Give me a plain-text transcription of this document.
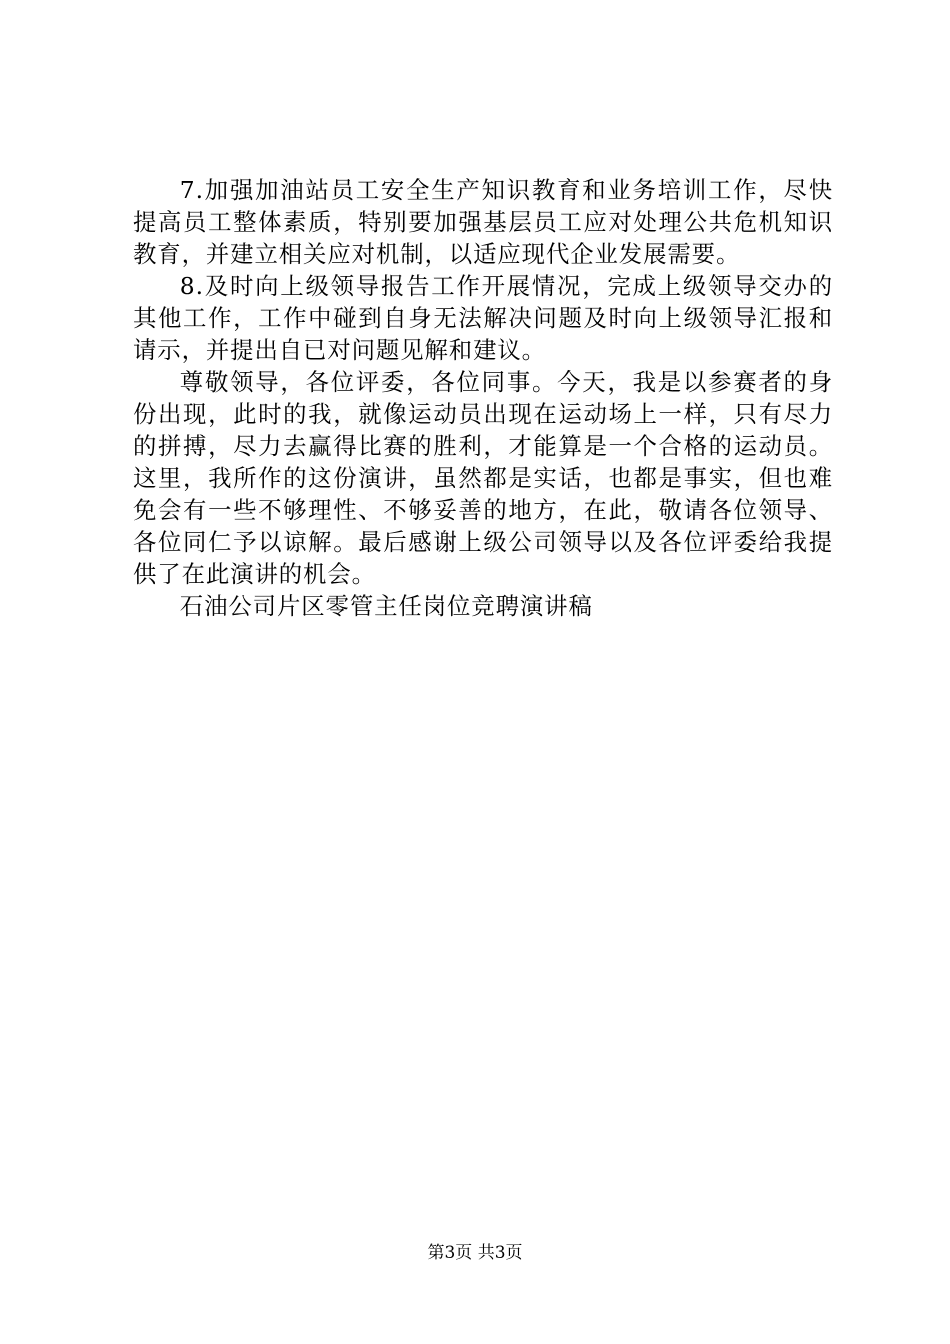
7.加强加油站员工安全生产知识教育和业务培训工作，尽快提高员工整体素质，特别要加强基层员工应对处理公共危机知识教育，并建立相关应对机制，以适应现代企业发展需要。

8.及时向上级领导报告工作开展情况，完成上级领导交办的其他工作，工作中碰到自身无法解决问题及时向上级领导汇报和请示，并提出自已对问题见解和建议。

尊敬领导，各位评委，各位同事。今天，我是以参赛者的身份出现，此时的我，就像运动员出现在运动场上一样，只有尽力的拼搏，尽力去赢得比赛的胜利，才能算是一个合格的运动员。这里，我所作的这份演讲，虽然都是实话，也都是事实，但也难免会有一些不够理性、不够妥善的地方，在此，敬请各位领导、各位同仁予以谅解。最后感谢上级公司领导以及各位评委给我提供了在此演讲的机会。

石油公司片区零管主任岗位竞聘演讲稿

第3页 共3页
